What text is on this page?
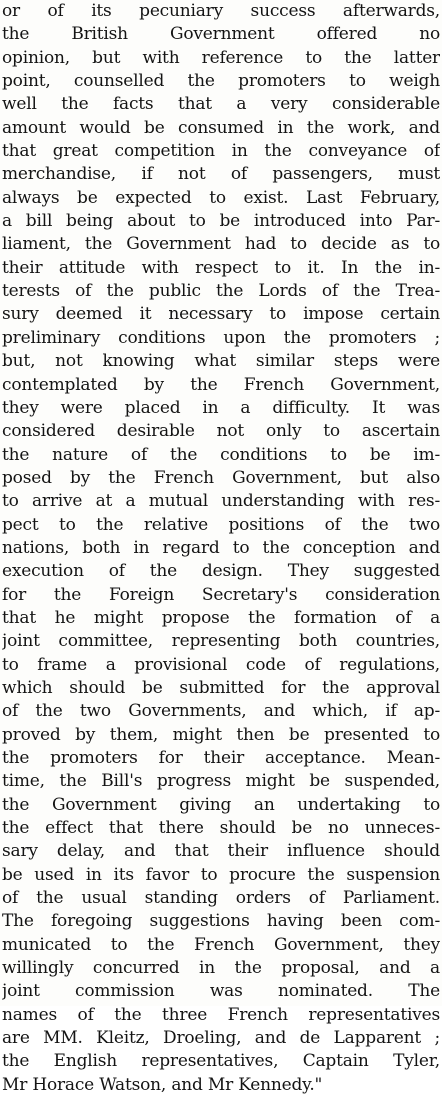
or of its pecuniary success afterwards,
the British Government offered no
opinion, but with reference to the latter
point, counselled the promoters to weigh
well the facts that a very considerable
amount would be consumed in the work, and
that great competition in the conveyance of
merchandise, if not of passengers, must
always be expected to exist. Last February,
a bill being about to be introduced into Par-
liament, the Government had to decide as to
their attitude with respect to it. In the in-
terests of the public the Lords of the Trea-
sury deemed it necessary to impose certain
preliminary conditions upon the promoters ;
but, not knowing what similar steps were
contemplated by the French Government,
they were placed in a difficulty. It was
considered desirable not only to ascertain
the nature of the conditions to be im-
posed by the French Government, but also
to arrive at a mutual understanding with res-
pect to the relative positions of the two
nations, both in regard to the conception and
execution of the design. They suggested
for the Foreign Secretary's consideration
that he might propose the formation of a
joint committee, representing both countries,
to frame a provisional code of regulations,
which should be submitted for the approval
of the two Governments, and which, if ap-
proved by them, might then be presented to
the promoters for their acceptance. Mean-
time, the Bill's progress might be suspended,
the Government giving an undertaking to
the effect that there should be no unneces-
sary delay, and that their influence should
be used in its favor to procure the suspension
of the usual standing orders of Parliament.
The foregoing suggestions having been com-
municated to the French Government, they
willingly concurred in the proposal, and a
joint commission was nominated. The
names of the three French representatives
are MM. Kleitz, Droeling, and de Lapparent ;
the English representatives, Captain Tyler,
Mr Horace Watson, and Mr Kennedy."
